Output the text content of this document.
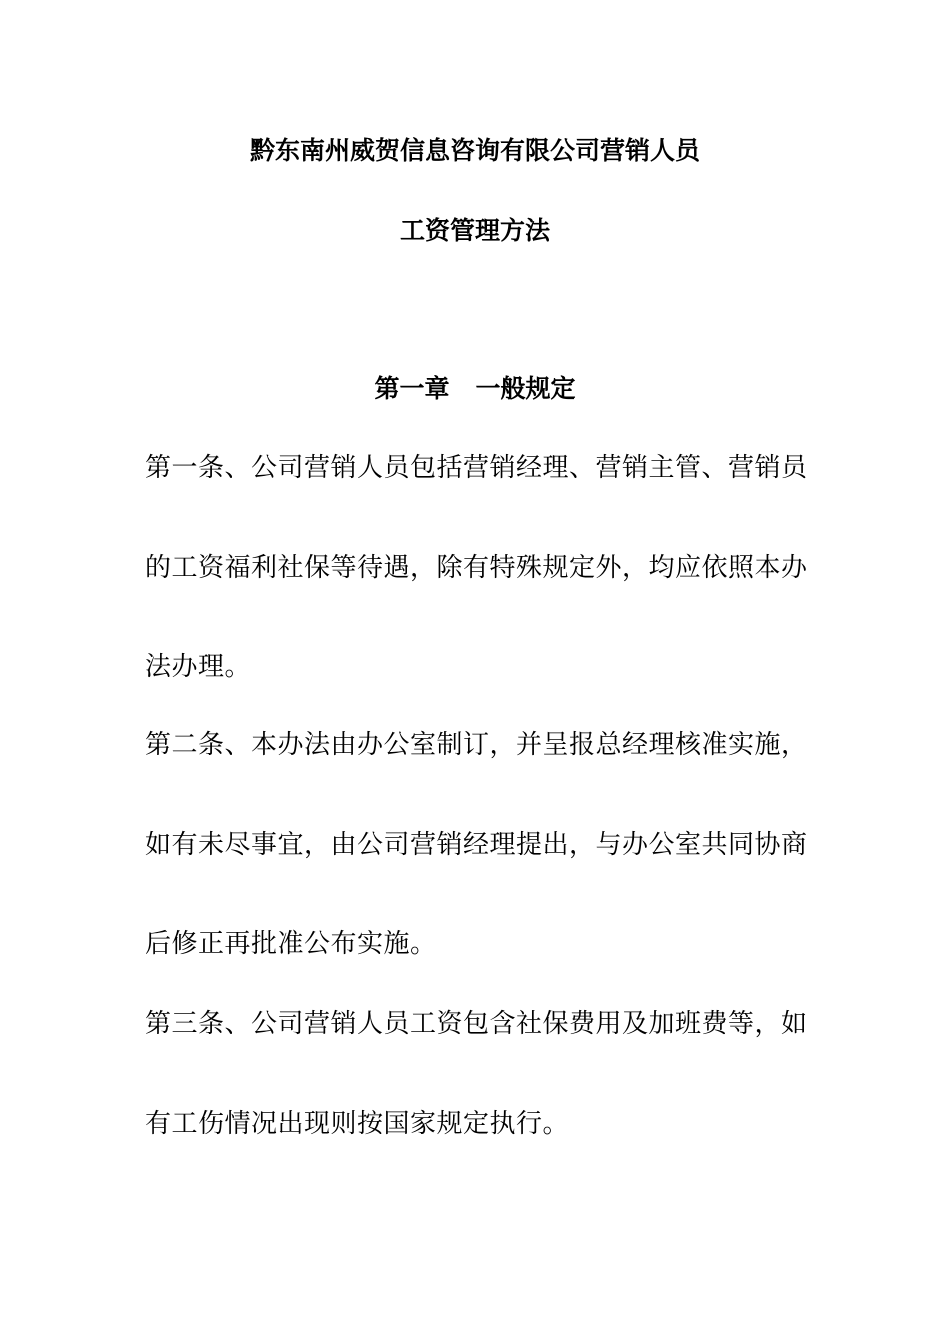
黔东南州威贺信息咨询有限公司营销人员
工资管理方法
第一章 一般规定
第一条、公司营销人员包括营销经理、营销主管、营销员
的工资福利社保等待遇，除有特殊规定外，均应依照本办
法办理。
第二条、本办法由办公室制订，并呈报总经理核准实施，
如有未尽事宜，由公司营销经理提出，与办公室共同协商
后修正再批准公布实施。
第三条、公司营销人员工资包含社保费用及加班费等，如
有工伤情况出现则按国家规定执行。
